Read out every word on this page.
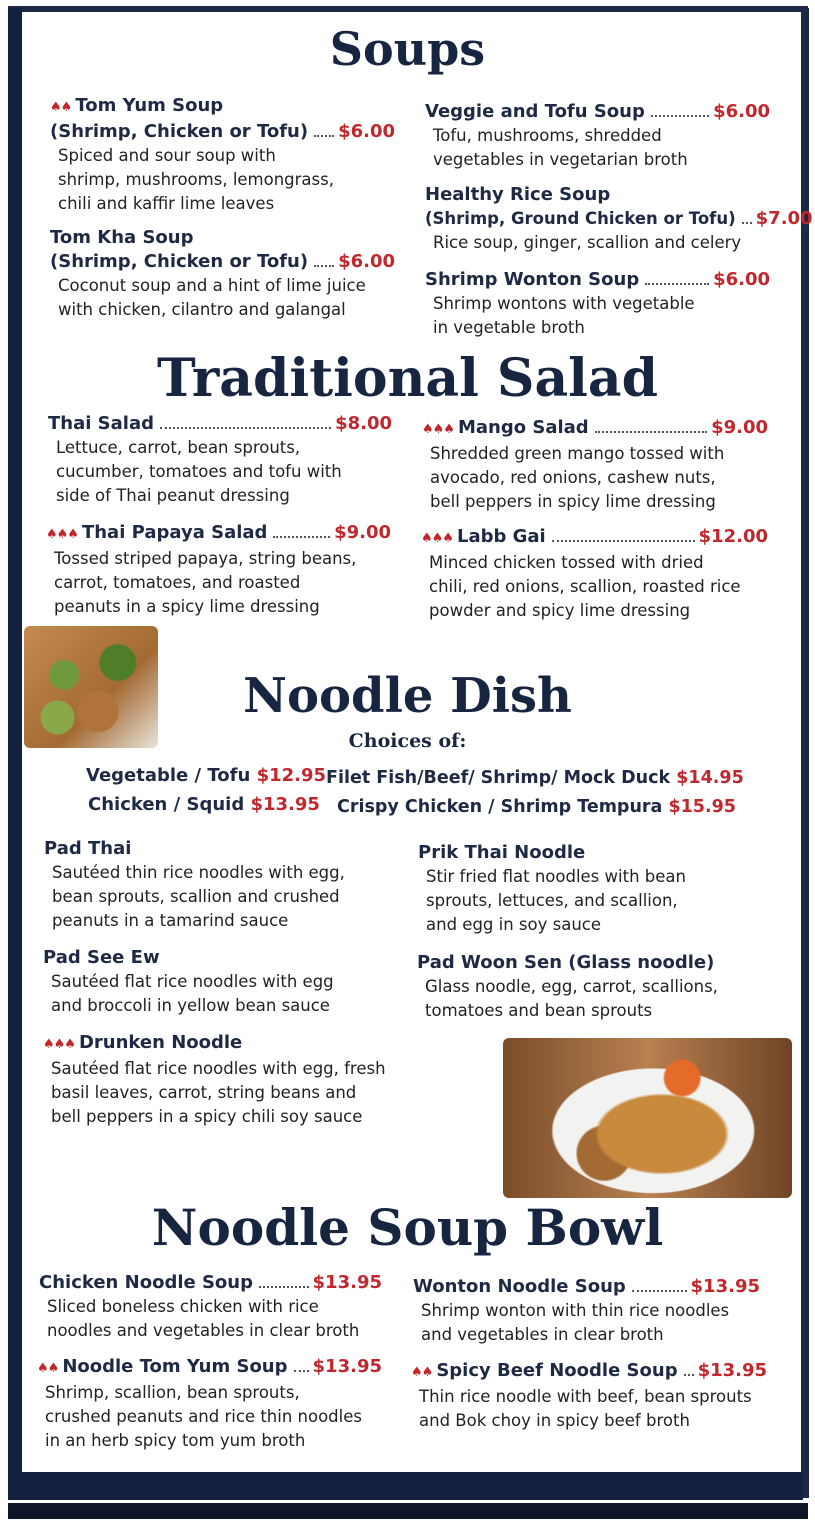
Soups
♠♠ Tom Yum Soup
(Shrimp, Chicken or Tofu) $6.00
Spiced and sour soup with
shrimp, mushrooms, lemongrass,
chili and kaffir lime leaves
Tom Kha Soup
(Shrimp, Chicken or Tofu) $6.00
Coconut soup and a hint of lime juice
with chicken, cilantro and galangal
Veggie and Tofu Soup	$6.00
Tofu, mushrooms, shredded
vegetables in vegetarian broth
Healthy Rice Soup
(Shrimp, Ground Chicken or Tofu) $7.00
Rice soup, ginger, scallion and celery
Shrimp Wonton Soup	$6.00
Shrimp wontons with vegetable
in vegetable broth
Traditional Salad
Thai Salad	$8.00
Lettuce, carrot, bean sprouts,
cucumber, tomatoes and tofu with
side of Thai peanut dressing
♠♠♠ Mango Salad	$9.00
Shredded green mango tossed with
avocado, red onions, cashew nuts,
bell peppers in spicy lime dressing
♠♠♠ Thai Papaya Salad	$9.00
Tossed striped papaya, string beans,
carrot, tomatoes, and roasted
peanuts in a spicy lime dressing
♠♠♠ Labb Gai	$12.00
Minced chicken tossed with dried
chili, red onions, scallion, roasted rice
powder and spicy lime dressing
Noodle Dish
Choices of:
Vegetable / Tofu $12.95
Chicken / Squid $13.95
Filet Fish/Beef/ Shrimp/ Mock Duck $14.95
Crispy Chicken / Shrimp Tempura $15.95
Pad Thai
Sautéed thin rice noodles with egg,
bean sprouts, scallion and crushed
peanuts in a tamarind sauce
Prik Thai Noodle
Stir fried flat noodles with bean
sprouts, lettuces, and scallion,
and egg in soy sauce
Pad See Ew
Sautéed flat rice noodles with egg
and broccoli in yellow bean sauce
Pad Woon Sen (Glass noodle)
Glass noodle, egg, carrot, scallions,
tomatoes and bean sprouts
♠♠♠ Drunken Noodle
Sautéed flat rice noodles with egg, fresh
basil leaves, carrot, string beans and
bell peppers in a spicy chili soy sauce
Noodle Soup Bowl
Chicken Noodle Soup	$13.95
Sliced boneless chicken with rice
noodles and vegetables in clear broth
Wonton Noodle Soup	$13.95
Shrimp wonton with thin rice noodles
and vegetables in clear broth
♠♠ Noodle Tom Yum Soup $13.95
Shrimp, scallion, bean sprouts,
crushed peanuts and rice thin noodles
in an herb spicy tom yum broth
♠♠ Spicy Beef Noodle Soup $13.95
Thin rice noodle with beef, bean sprouts
and Bok choy in spicy beef broth
